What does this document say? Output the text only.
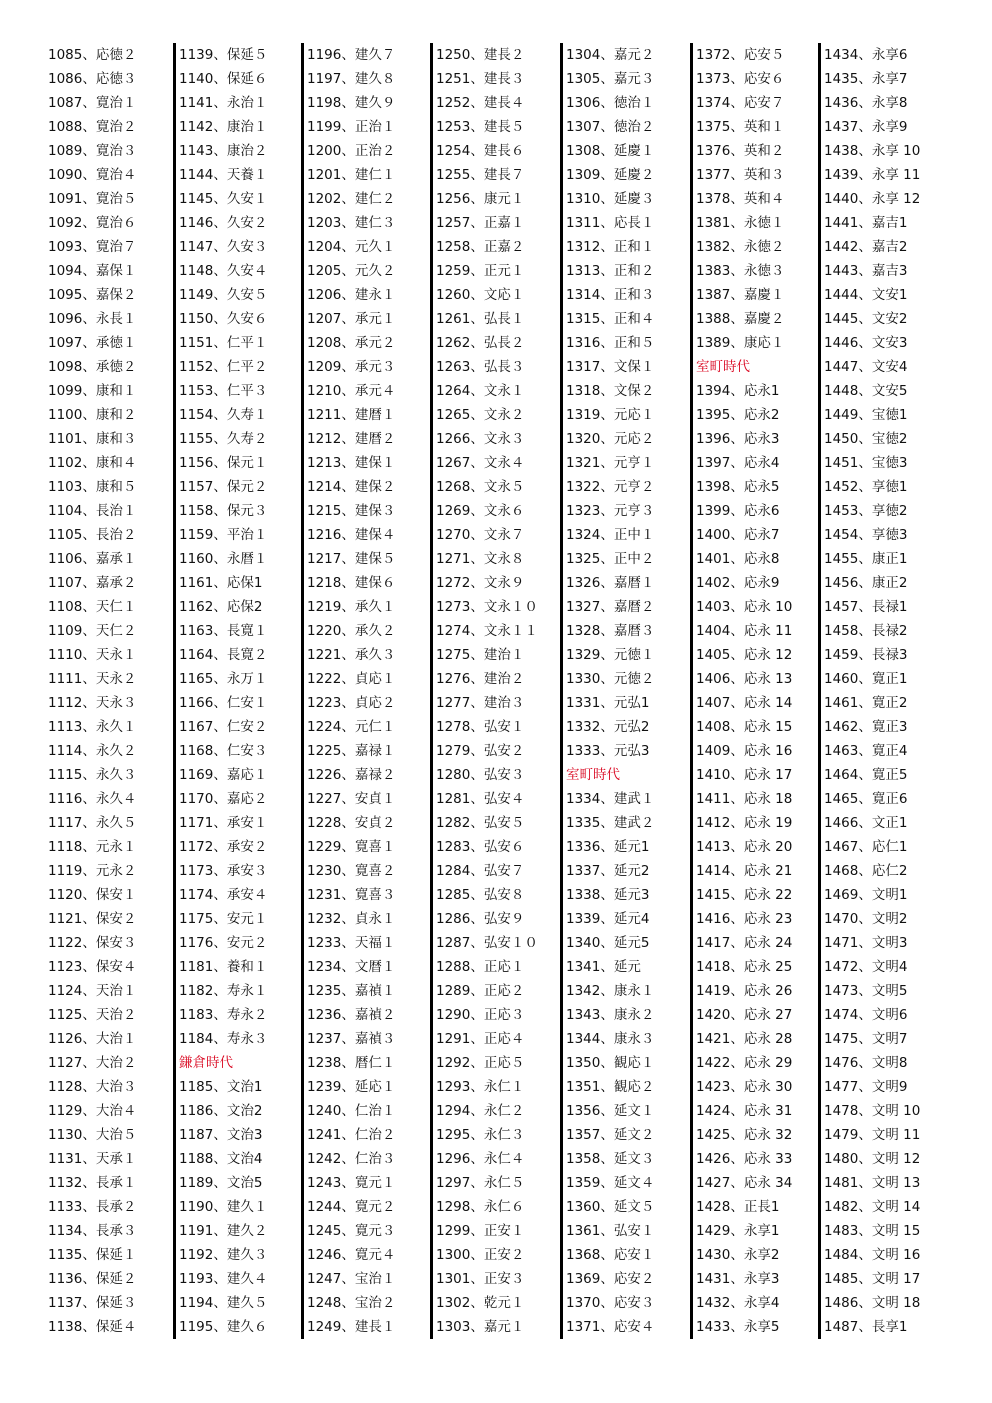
1085、応徳２
1086、応徳３
1087、寛治１
1088、寛治２
1089、寛治３
1090、寛治４
1091、寛治５
1092、寛治６
1093、寛治７
1094、嘉保１
1095、嘉保２
1096、永長１
1097、承徳１
1098、承徳２
1099、康和１
1100、康和２
1101、康和３
1102、康和４
1103、康和５
1104、長治１
1105、長治２
1106、嘉承１
1107、嘉承２
1108、天仁１
1109、天仁２
1110、天永１
1111、天永２
1112、天永３
1113、永久１
1114、永久２
1115、永久３
1116、永久４
1117、永久５
1118、元永１
1119、元永２
1120、保安１
1121、保安２
1122、保安３
1123、保安４
1124、天治１
1125、天治２
1126、大治１
1127、大治２
1128、大治３
1129、大治４
1130、大治５
1131、天承１
1132、長承１
1133、長承２
1134、長承３
1135、保延１
1136、保延２
1137、保延３
1138、保延４
1139、保延５
1140、保延６
1141、永治１
1142、康治１
1143、康治２
1144、天養１
1145、久安１
1146、久安２
1147、久安３
1148、久安４
1149、久安５
1150、久安６
1151、仁平１
1152、仁平２
1153、仁平３
1154、久寿１
1155、久寿２
1156、保元１
1157、保元２
1158、保元３
1159、平治１
1160、永暦１
1161、応保1
1162、応保2
1163、長寛１
1164、長寛２
1165、永万１
1166、仁安１
1167、仁安２
1168、仁安３
1169、嘉応１
1170、嘉応２
1171、承安１
1172、承安２
1173、承安３
1174、承安４
1175、安元１
1176、安元２
1181、養和１
1182、寿永１
1183、寿永２
1184、寿永３
鎌倉時代
1185、文治1
1186、文治2
1187、文治3
1188、文治4
1189、文治5
1190、建久１
1191、建久２
1192、建久３
1193、建久４
1194、建久５
1195、建久６
1196、建久７
1197、建久８
1198、建久９
1199、正治１
1200、正治２
1201、建仁１
1202、建仁２
1203、建仁３
1204、元久１
1205、元久２
1206、建永１
1207、承元１
1208、承元２
1209、承元３
1210、承元４
1211、建暦１
1212、建暦２
1213、建保１
1214、建保２
1215、建保３
1216、建保４
1217、建保５
1218、建保６
1219、承久１
1220、承久２
1221、承久３
1222、貞応１
1223、貞応２
1224、元仁１
1225、嘉禄１
1226、嘉禄２
1227、安貞１
1228、安貞２
1229、寛喜１
1230、寛喜２
1231、寛喜３
1232、貞永１
1233、天福１
1234、文暦１
1235、嘉禎１
1236、嘉禎２
1237、嘉禎３
1238、暦仁１
1239、延応１
1240、仁治１
1241、仁治２
1242、仁治３
1243、寛元１
1244、寛元２
1245、寛元３
1246、寛元４
1247、宝治１
1248、宝治２
1249、建長１
1250、建長２
1251、建長３
1252、建長４
1253、建長５
1254、建長６
1255、建長７
1256、康元１
1257、正嘉１
1258、正嘉２
1259、正元１
1260、文応１
1261、弘長１
1262、弘長２
1263、弘長３
1264、文永１
1265、文永２
1266、文永３
1267、文永４
1268、文永５
1269、文永６
1270、文永７
1271、文永８
1272、文永９
1273、文永１０
1274、文永１１
1275、建治１
1276、建治２
1277、建治３
1278、弘安１
1279、弘安２
1280、弘安３
1281、弘安４
1282、弘安５
1283、弘安６
1284、弘安７
1285、弘安８
1286、弘安９
1287、弘安１０
1288、正応１
1289、正応２
1290、正応３
1291、正応４
1292、正応５
1293、永仁１
1294、永仁２
1295、永仁３
1296、永仁４
1297、永仁５
1298、永仁６
1299、正安１
1300、正安２
1301、正安３
1302、乾元１
1303、嘉元１
1304、嘉元２
1305、嘉元３
1306、徳治１
1307、徳治２
1308、延慶１
1309、延慶２
1310、延慶３
1311、応長１
1312、正和１
1313、正和２
1314、正和３
1315、正和４
1316、正和５
1317、文保１
1318、文保２
1319、元応１
1320、元応２
1321、元亨１
1322、元亨２
1323、元亨３
1324、正中１
1325、正中２
1326、嘉暦１
1327、嘉暦２
1328、嘉暦３
1329、元徳１
1330、元徳２
1331、元弘1
1332、元弘2
1333、元弘3
室町時代
1334、建武１
1335、建武２
1336、延元1
1337、延元2
1338、延元3
1339、延元4
1340、延元5
1341、延元
1342、康永１
1343、康永２
1344、康永３
1350、観応１
1351、観応２
1356、延文１
1357、延文２
1358、延文３
1359、延文４
1360、延文５
1361、弘安１
1368、応安１
1369、応安２
1370、応安３
1371、応安４
1372、応安５
1373、応安６
1374、応安７
1375、英和１
1376、英和２
1377、英和３
1378、英和４
1381、永徳１
1382、永徳２
1383、永徳３
1387、嘉慶１
1388、嘉慶２
1389、康応１
室町時代
1394、応永1
1395、応永2
1396、応永3
1397、応永4
1398、応永5
1399、応永6
1400、応永7
1401、応永8
1402、応永9
1403、応永 10
1404、応永 11
1405、応永 12
1406、応永 13
1407、応永 14
1408、応永 15
1409、応永 16
1410、応永 17
1411、応永 18
1412、応永 19
1413、応永 20
1414、応永 21
1415、応永 22
1416、応永 23
1417、応永 24
1418、応永 25
1419、応永 26
1420、応永 27
1421、応永 28
1422、応永 29
1423、応永 30
1424、応永 31
1425、応永 32
1426、応永 33
1427、応永 34
1428、正長1
1429、永享1
1430、永享2
1431、永享3
1432、永享4
1433、永享5
1434、永享6
1435、永享7
1436、永享8
1437、永享9
1438、永享 10
1439、永享 11
1440、永享 12
1441、嘉吉1
1442、嘉吉2
1443、嘉吉3
1444、文安1
1445、文安2
1446、文安3
1447、文安4
1448、文安5
1449、宝徳1
1450、宝徳2
1451、宝徳3
1452、享徳1
1453、享徳2
1454、享徳3
1455、康正1
1456、康正2
1457、長禄1
1458、長禄2
1459、長禄3
1460、寛正1
1461、寛正2
1462、寛正3
1463、寛正4
1464、寛正5
1465、寛正6
1466、文正1
1467、応仁1
1468、応仁2
1469、文明1
1470、文明2
1471、文明3
1472、文明4
1473、文明5
1474、文明6
1475、文明7
1476、文明8
1477、文明9
1478、文明 10
1479、文明 11
1480、文明 12
1481、文明 13
1482、文明 14
1483、文明 15
1484、文明 16
1485、文明 17
1486、文明 18
1487、長享1
